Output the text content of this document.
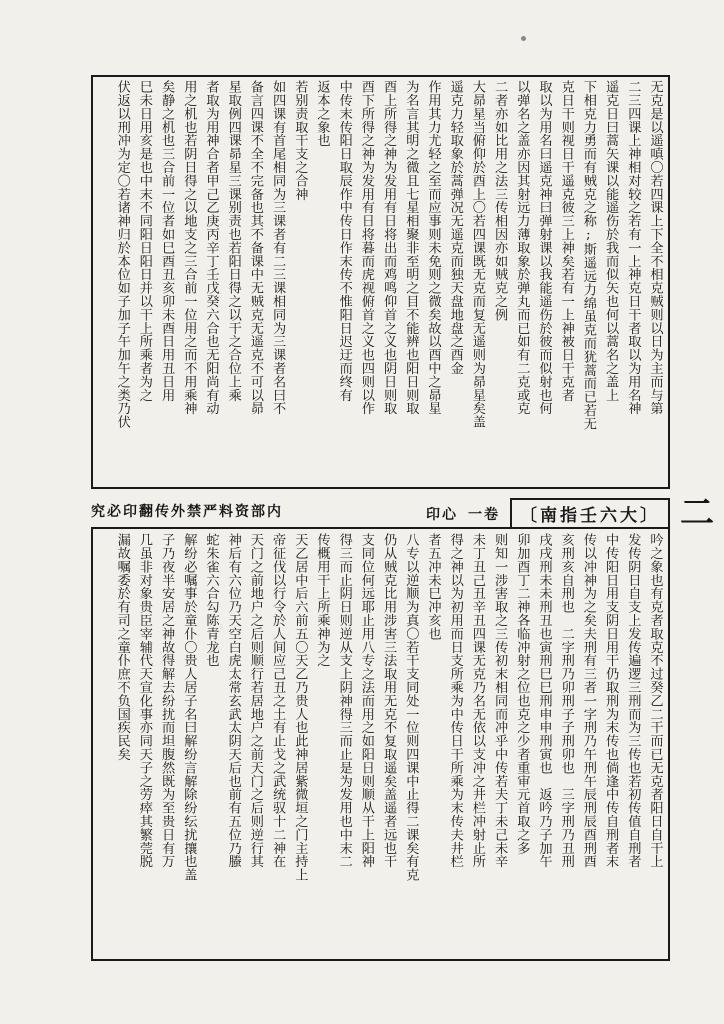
无克是以遥嗔〇若四课上下全不相克贼则以日为主而与第
二三四课上神相对较之若有一上神克日干者取以为用名神
遥克日曰蒿矢课以能遥伤於我而似矢也何以蒿名之盖上
下相克力勇而有贼克之称;斯遥远力绵虽克而犹蒿而已若无
克日干则视日干遥克彼三上神矣若有一上神被日干克者
取以为用名曰遥克神曰弹射课以我能遥伤於彼而似射也何
以弹名之盖亦因其射远力薄取象於弹丸而已如有二克或克
二者亦如比用之法三传相因亦如贼克之例
大昴星当俯仰於酉上〇若四课既无克而复无遥则为昴星矣盖
遥克力轻取象於蒿弹况无遥克而独天盘地盘之酉金
作用其力尤轻之至而应事则未免则之微矣故以酉中之昴星
为名言其明之微且七星相聚非至明之目不能辨也阳日则取
酉上所得之神为发用有日将出而鸡鸣仰首之义也阴日则取
酉下所得之神为发用有日将暮而虎视俯首之义也四则以作
中传末传阳日取辰作中传日作末传不惟阳日迟迂而终有
返本之象也
若别责取干支之合神
如四课有首尾相同为三课者有二三课相同为三课者名曰不
备言四课不全不完备也其不备课中无贼克无遥克不可以昴
星取例四课昴星三课别责也若阳日得之以干之合位上乘
者取为用神合者甲己乙庚丙辛丁壬戊癸六合也无阳尚有动
用之机也若阴日得之以地支之三合前一位用之而不用乘神
矣静之机也三合前一位者如巳酉丑亥卯未酉日用丑日用
巳未日用亥是也中末不同阳日阳日并以干上所乘者为之
伏返以刑冲为定〇若诸神归於本位如子加子午加午之类乃伏
究必印翻传外禁严料资部内	印心 一卷	〔南指壬六大〕 二
吟之象也有克者取克不过癸乙二干而已无克者阳日自干上
发传阴日自支上发传遍逻三刑而为三传也若初传值自刑者
中传阳日用支阴日用干仍取刑为末传也倘逢中传自刑者末
传以冲神为之矣夫刑有三者一字刑乃午刑午辰刑辰酉刑酉
亥刑亥自刑也　二字刑乃卯刑子子刑卯也　三字刑乃丑刑
戌戌刑未未刑丑也寅刑巳巳刑申申刑寅也　返吟乃子加午
卯加酉丁二神各临冲射之位也克之少者重审元首取之多
则知一涉害取之三传初末相同而冲乎中传若夫丁未己未辛
未丁丑己丑辛丑四课无克乃名无依以支冲之井栏冲射止所
得之神以为初用而日支所乘为中传日干所乘为末传夫井栏
者五冲未巳冲亥也
八专以逆顺为真〇若干支同处一位则四课中止得二课矣有克
仍从贼克比用涉害三法取用无克不复取遥矣盖遥者远也干
支同位何远耶止用八专之法而用之如阳日则顺从干上阳神
得三而止阴日则逆从支上阴神得三而止是为发用也中末二
传概用干上所乘神为之
天乙居中后六前五〇天乙乃贵人也此神居紫微垣之门主持上
帝征伐以行令於人间应己丑之土有止戈之武统驭十二神在
天门之前地户之后则顺行若居地户之前天门之后则逆行其
神后有六位乃天空白虎太常玄武太阴天后也前有五位乃螣
蛇朱雀六合勾陈青龙也
解纷必嘱事於童仆〇贵人居子名曰解纷言解除纷纭扰攘也盖
子乃夜半安居之神故得解去纷扰而坦腹然既为至贵日有万
几虽非对象贵臣宰辅代天宣化事亦同天子之劳瘁其繁莞脱
漏故嘱委於有司之童仆庶不负国疾民矣
